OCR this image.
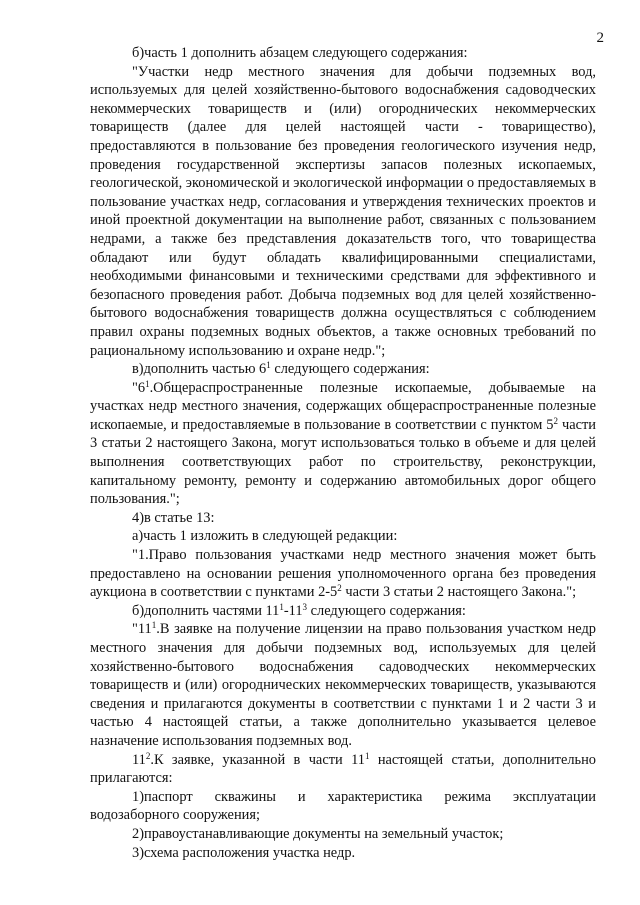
2

б)часть 1 дополнить абзацем следующего содержания:

"Участки недр местного значения для добычи подземных вод, используемых для целей хозяйственно-бытового водоснабжения садоводческих некоммерческих товариществ и (или) огороднических некоммерческих товариществ (далее для целей настоящей части - товарищество), предоставляются в пользование без проведения геологического изучения недр, проведения государственной экспертизы запасов полезных ископаемых, геологической, экономической и экологической информации о предоставляемых в пользование участках недр, согласования и утверждения технических проектов и иной проектной документации на выполнение работ, связанных с пользованием недрами, а также без представления доказательств того, что товарищества обладают или будут обладать квалифицированными специалистами, необходимыми финансовыми и техническими средствами для эффективного и безопасного проведения работ. Добыча подземных вод для целей хозяйственно-бытового водоснабжения товариществ должна осуществляться с соблюдением правил охраны подземных водных объектов, а также основных требований по рациональному использованию и охране недр.";

в)дополнить частью $6^1$ следующего содержания:

"$6^1.Общераспространенные$ полезные ископаемые, добываемые на участках недр местного значения, содержащих общераспространенные полезные ископаемые, и предоставляемые в пользование в соответствии с пунктом $5^2$ части 3 статьи 2 настоящего Закона, могут использоваться только в объеме и для целей выполнения соответствующих работ по строительству, реконструкции, капитальному ремонту, ремонту и содержанию автомобильных дорог общего пользования.";

4)в статье 13:

а)часть 1 изложить в следующей редакции:

"1.Право пользования участками недр местного значения может быть предоставлено на основании решения уполномоченного органа без проведения аукциона в соответствии с пунктами $2-5^2$ части 3 статьи 2 настоящего Закона.";

б)дополнить частями $11^1-11^3$ следующего содержания:

"$11^1.В$ заявке на получение лицензии на право пользования участком недр местного значения для добычи подземных вод, используемых для целей хозяйственно-бытового водоснабжения садоводческих некоммерческих товариществ и (или) огороднических некоммерческих товариществ, указываются сведения и прилагаются документы в соответствии с пунктами 1 и 2 части 3 и частью 4 настоящей статьи, а также дополнительно указывается целевое назначение использования подземных вод.

$11^2.К$ заявке, указанной в части $11^1$ настоящей статьи, дополнительно прилагаются:

1)паспорт скважины и характеристика режима эксплуатации водозаборного сооружения;

2)правоустанавливающие документы на земельный участок;

3)схема расположения участка недр.
